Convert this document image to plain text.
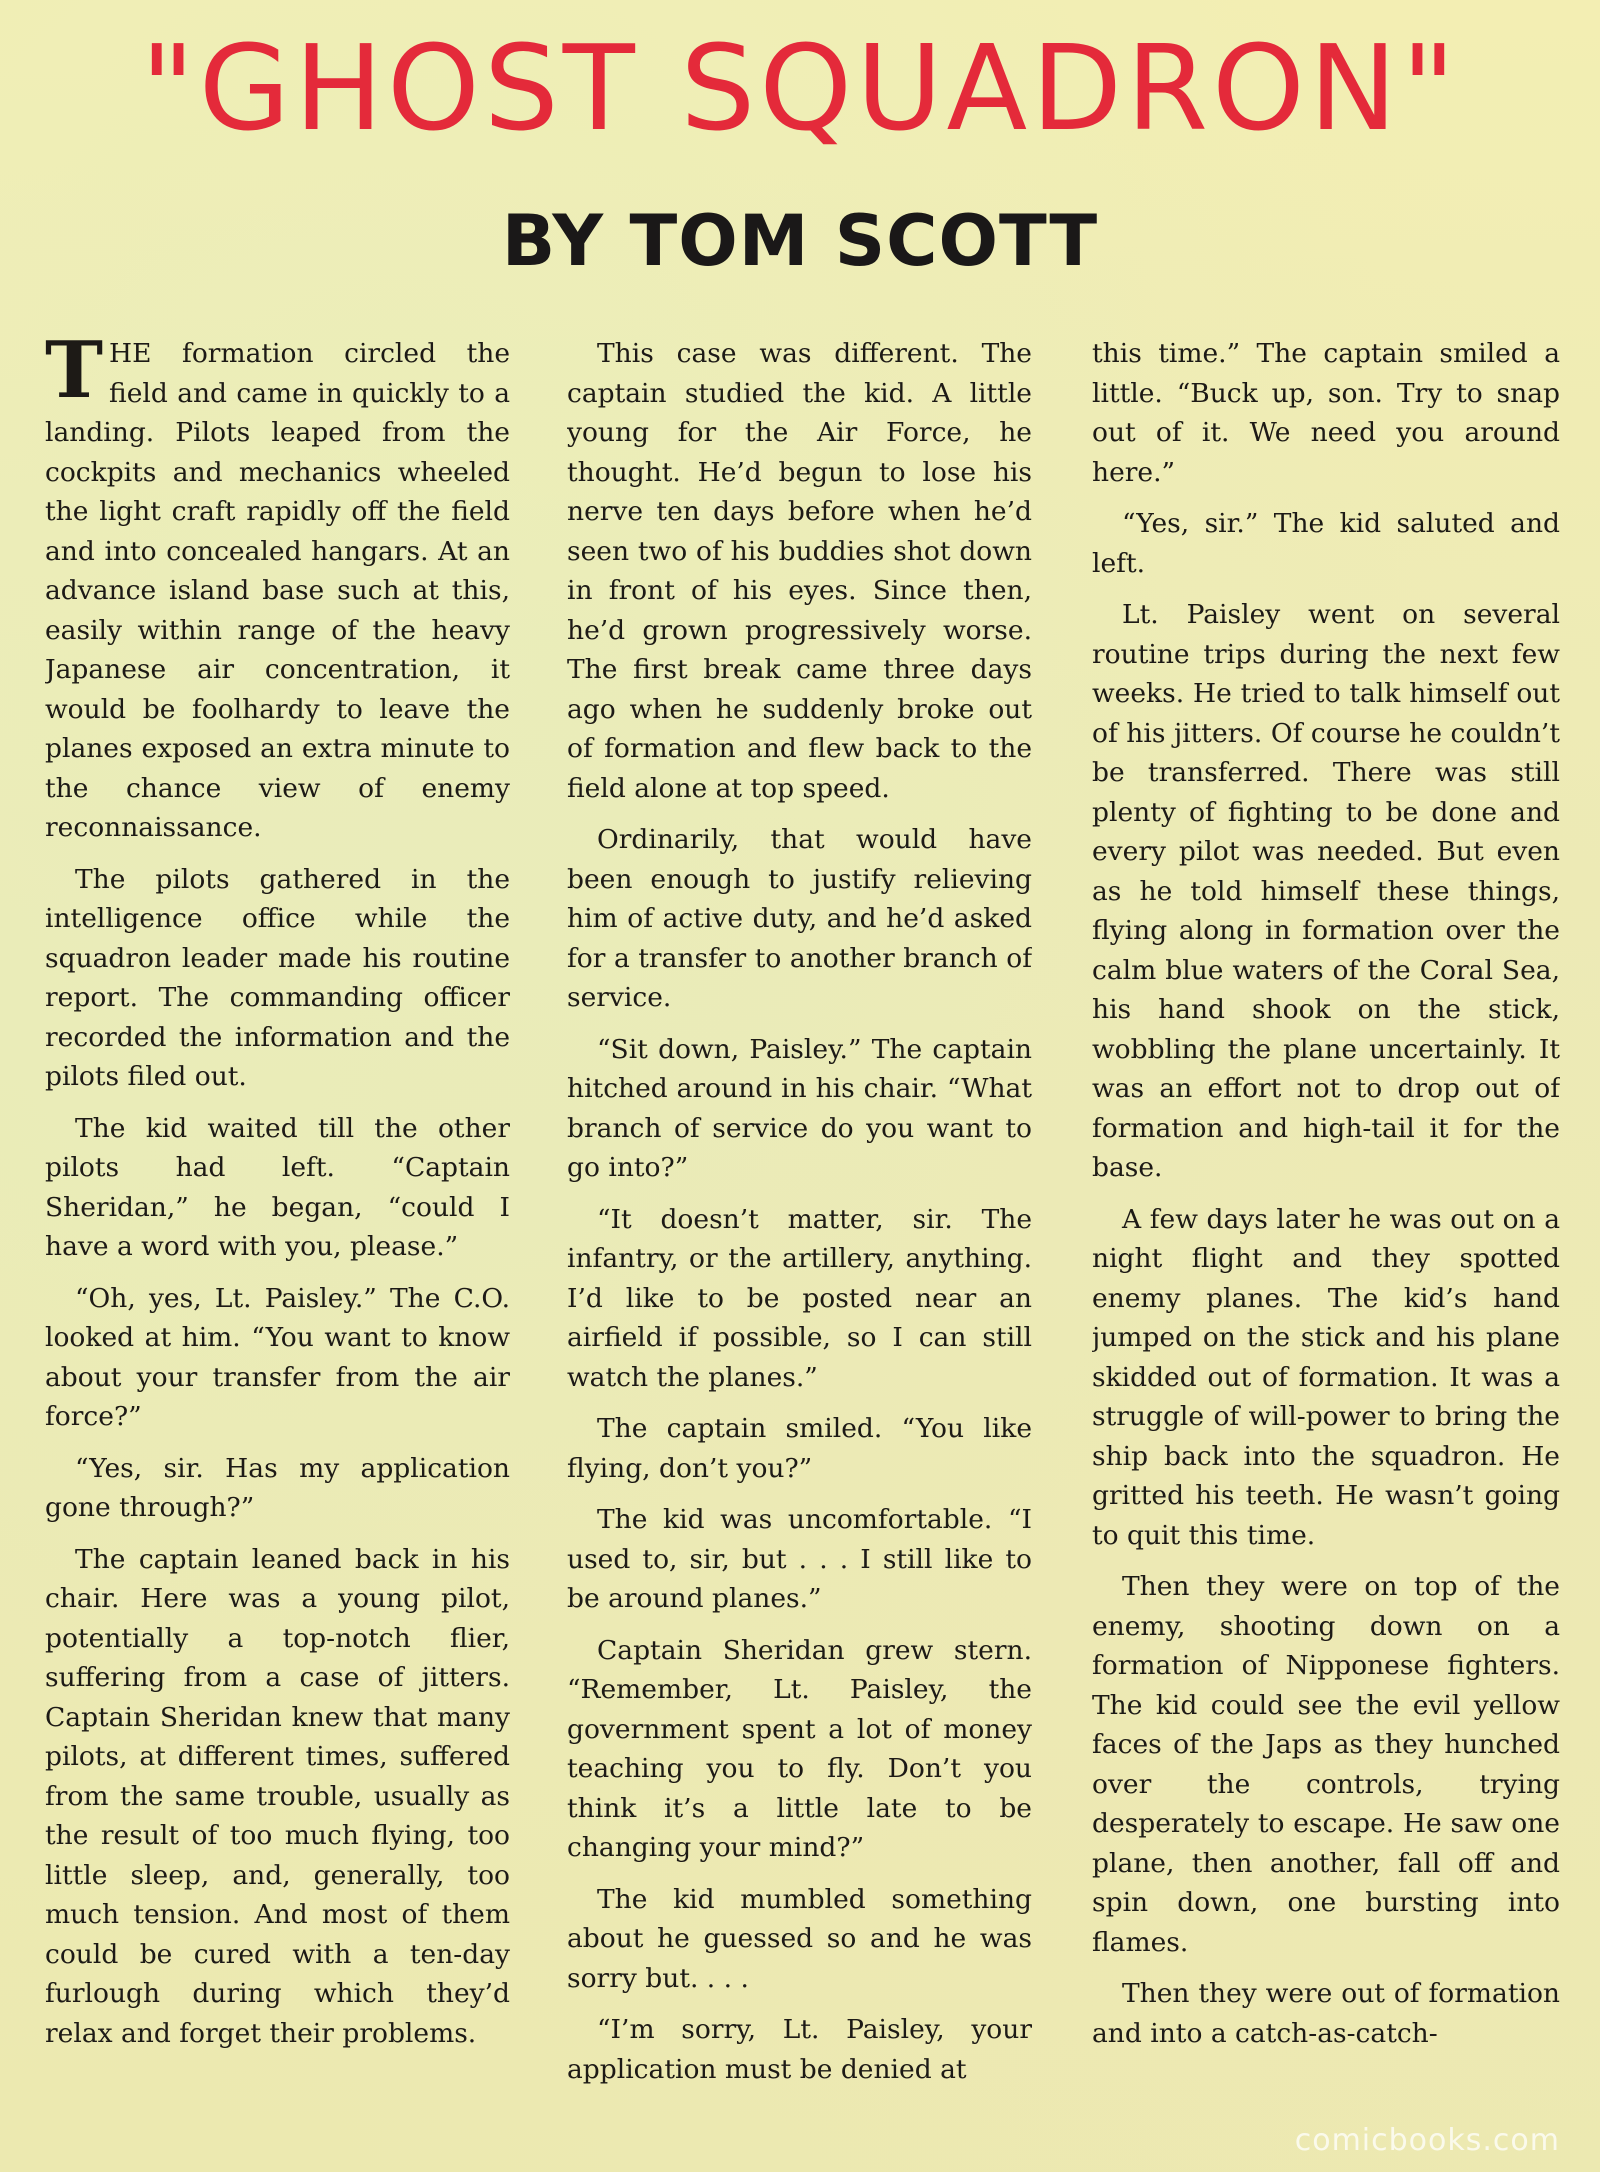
"GHOST SQUADRON"
BY TOM SCOTT

THE formation circled the field and came in quickly to a landing. Pilots leaped from the cockpits and mechanics wheeled the light craft rapidly off the field and into concealed hangars. At an advance island base such at this, easily within range of the heavy Japanese air concentration, it would be foolhardy to leave the planes exposed an extra minute to the chance view of enemy reconnaissance.

The pilots gathered in the intelligence office while the squadron leader made his routine report. The commanding officer recorded the information and the pilots filed out.

The kid waited till the other pilots had left. “Captain Sheridan,” he began, “could I have a word with you, please.”

“Oh, yes, Lt. Paisley.” The C.O. looked at him. “You want to know about your transfer from the air force?”

“Yes, sir. Has my application gone through?”

The captain leaned back in his chair. Here was a young pilot, potentially a top-notch flier, suffering from a case of jitters. Captain Sheridan knew that many pilots, at different times, suffered from the same trouble, usually as the result of too much flying, too little sleep, and, generally, too much tension. And most of them could be cured with a ten-day furlough during which they’d relax and forget their problems.

This case was different. The captain studied the kid. A little young for the Air Force, he thought. He’d begun to lose his nerve ten days before when he’d seen two of his buddies shot down in front of his eyes. Since then, he’d grown progressively worse. The first break came three days ago when he suddenly broke out of formation and flew back to the field alone at top speed.

Ordinarily, that would have been enough to justify relieving him of active duty, and he’d asked for a transfer to another branch of service.

“Sit down, Paisley.” The captain hitched around in his chair. “What branch of service do you want to go into?”

“It doesn’t matter, sir. The infantry, or the artillery, anything. I’d like to be posted near an airfield if possible, so I can still watch the planes.”

The captain smiled. “You like flying, don’t you?”

The kid was uncomfortable. “I used to, sir, but . . . I still like to be around planes.”

Captain Sheridan grew stern. “Remember, Lt. Paisley, the government spent a lot of money teaching you to fly. Don’t you think it’s a little late to be changing your mind?”

The kid mumbled something about he guessed so and he was sorry but. . . .

“I’m sorry, Lt. Paisley, your application must be denied at

this time.” The captain smiled a little. “Buck up, son. Try to snap out of it. We need you around here.”

“Yes, sir.” The kid saluted and left.

Lt. Paisley went on several routine trips during the next few weeks. He tried to talk himself out of his jitters. Of course he couldn’t be transferred. There was still plenty of fighting to be done and every pilot was needed. But even as he told himself these things, flying along in formation over the calm blue waters of the Coral Sea, his hand shook on the stick, wobbling the plane uncertainly. It was an effort not to drop out of formation and high-tail it for the base.

A few days later he was out on a night flight and they spotted enemy planes. The kid’s hand jumped on the stick and his plane skidded out of formation. It was a struggle of will-power to bring the ship back into the squadron. He gritted his teeth. He wasn’t going to quit this time.

Then they were on top of the enemy, shooting down on a formation of Nipponese fighters. The kid could see the evil yellow faces of the Japs as they hunched over the controls, trying desperately to escape. He saw one plane, then another, fall off and spin down, one bursting into flames.

Then they were out of formation and into a catch-as-catch-

comicbooks.com
